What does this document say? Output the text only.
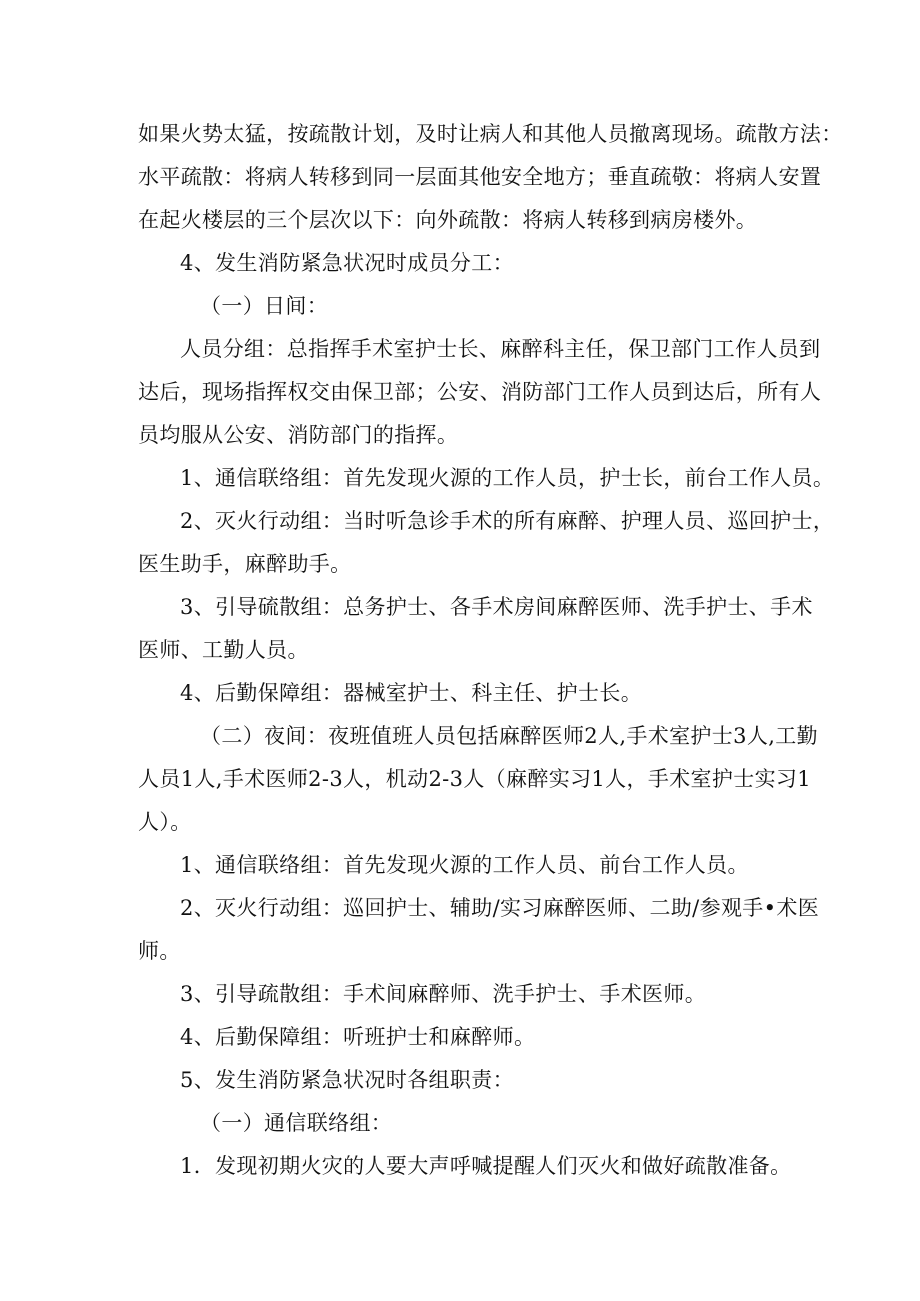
如果火势太猛，按疏散计划，及时让病人和其他人员撤离现场。疏散方法：
水平疏散：将病人转移到同一层面其他安全地方；垂直疏敬：将病人安置
在起火楼层的三个层次以下：向外疏散：将病人转移到病房楼外。
4、发生消防紧急状况时成员分工：
（一）日间：
人员分组：总指挥手术室护士长、麻醉科主任，保卫部门工作人员到
达后，现场指挥权交由保卫部；公安、消防部门工作人员到达后，所有人
员均服从公安、消防部门的指挥。
1、通信联络组：首先发现火源的工作人员，护士长，前台工作人员。
2、灭火行动组：当时听急诊手术的所有麻醉、护理人员、巡回护士，
医生助手，麻醉助手。
3、引导硫散组：总务护士、各手术房间麻醉医师、洗手护士、手术
医师、工勤人员。
4、后勤保障组：器械室护士、科主任、护士长。
（二）夜间：夜班值班人员包括麻醉医师2人,手术室护士3人,工勤
人员1人,手术医师2-3人，机动2-3人（麻醉实习1人，手术室护士实习1
人）。
1、通信联络组：首先发现火源的工作人员、前台工作人员。
2、灭火行动组：巡回护士、辅助/实习麻醉医师、二助/参观手•术医
师。
3、引导疏散组：手术间麻醉师、洗手护士、手术医师。
4、后勤保障组：听班护士和麻醉师。
5、发生消防紧急状况时各组职责：
（一）通信联络组：
1．发现初期火灾的人要大声呼喊提醒人们灭火和做好疏散准备。
